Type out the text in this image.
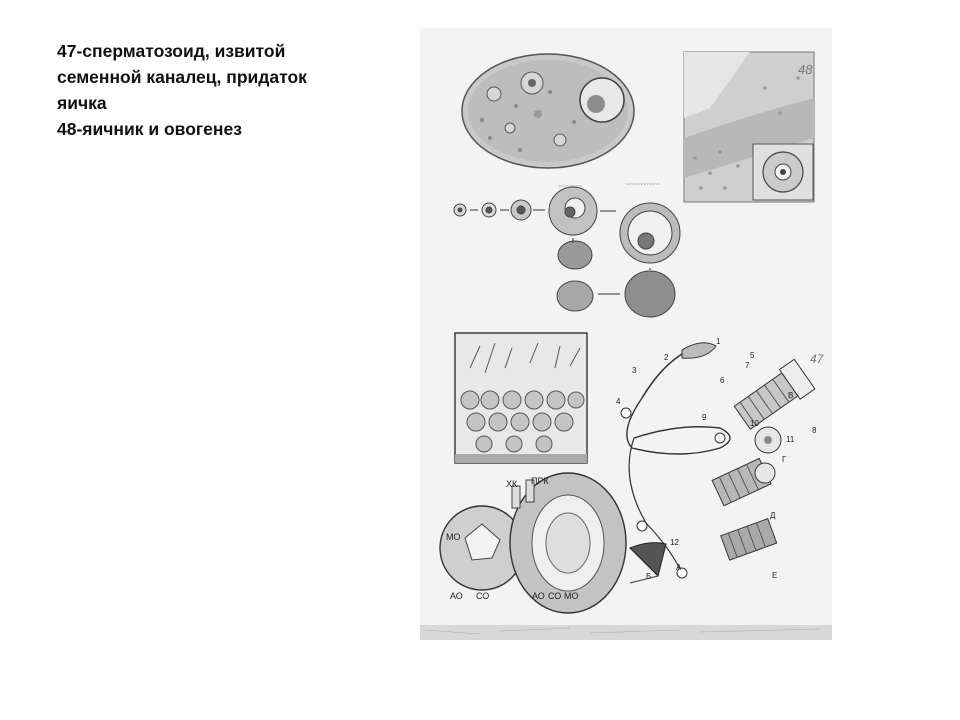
47-сперматозоид, извитой
семенной каналец, придаток
яичка
48-яичник и овогенез
48
~~~~~~~~	~~~~~~~~~~~~
ХК ПРК
МО
АО СО	АО СО МО
47
1
2
3
4
5
6
7
8
9
10
11
А
Б
В
Г
Д
Е
12
